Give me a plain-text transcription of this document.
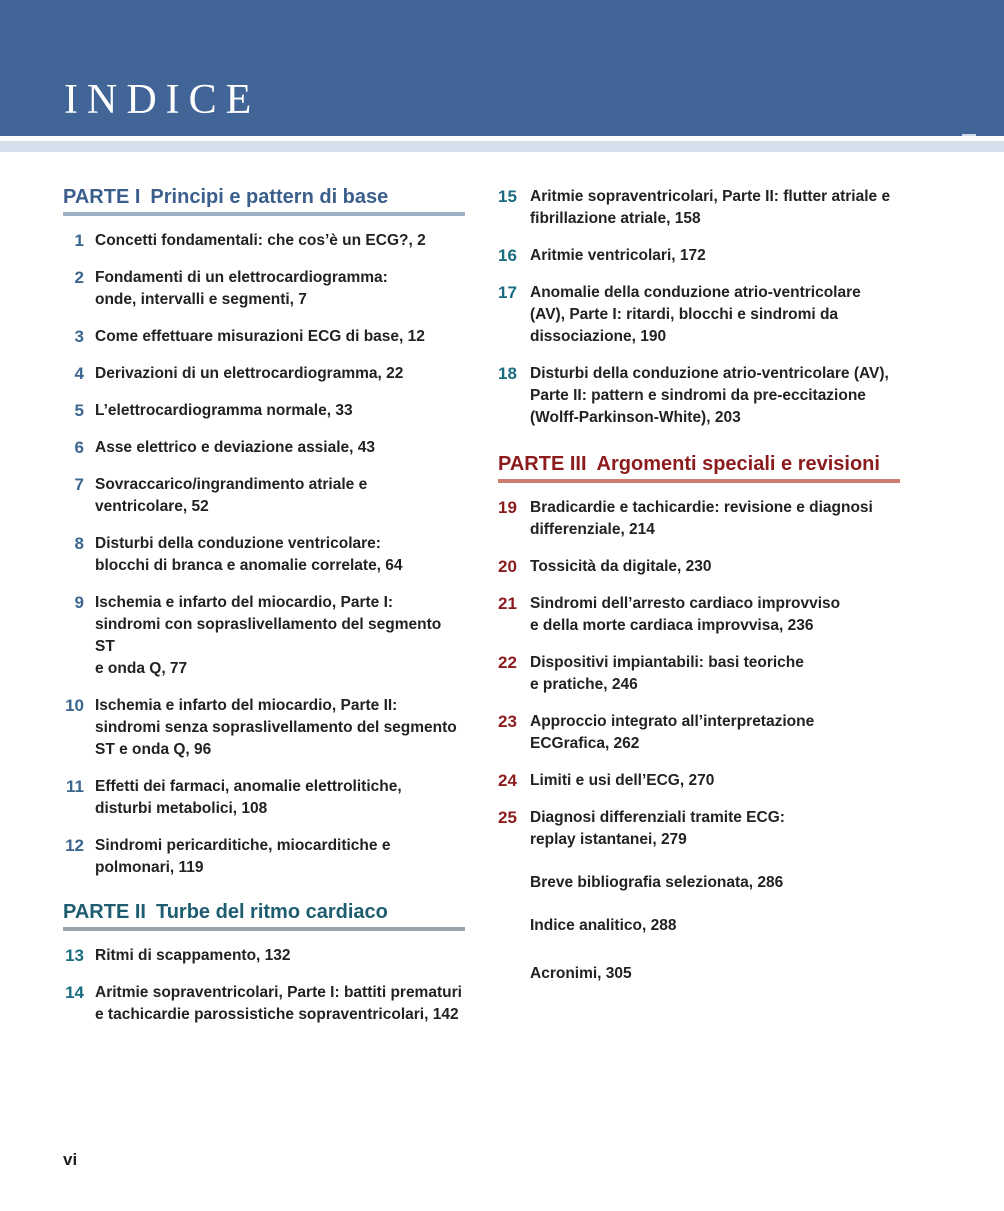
INDICE
PARTE I Principi e pattern di base
1 Concetti fondamentali: che cos’è un ECG?, 2
2 Fondamenti di un elettrocardiogramma:
onde, intervalli e segmenti, 7
3 Come effettuare misurazioni ECG di base, 12
4 Derivazioni di un elettrocardiogramma, 22
5 L’elettrocardiogramma normale, 33
6 Asse elettrico e deviazione assiale, 43
7 Sovraccarico/ingrandimento atriale e
ventricolare, 52
8 Disturbi della conduzione ventricolare:
blocchi di branca e anomalie correlate, 64
9 Ischemia e infarto del miocardio, Parte I:
sindromi con sopraslivellamento del segmento ST
e onda Q, 77
10 Ischemia e infarto del miocardio, Parte II:
sindromi senza sopraslivellamento del segmento
ST e onda Q, 96
11 Effetti dei farmaci, anomalie elettrolitiche,
disturbi metabolici, 108
12 Sindromi pericarditiche, miocarditiche e
polmonari, 119
PARTE II Turbe del ritmo cardiaco
13 Ritmi di scappamento, 132
14 Aritmie sopraventricolari, Parte I: battiti prematuri
e tachicardie parossistiche sopraventricolari, 142
15 Aritmie sopraventricolari, Parte II: flutter atriale e
fibrillazione atriale, 158
16 Aritmie ventricolari, 172
17 Anomalie della conduzione atrio-ventricolare
(AV), Parte I: ritardi, blocchi e sindromi da
dissociazione, 190
18 Disturbi della conduzione atrio-ventricolare (AV),
Parte II: pattern e sindromi da pre-eccitazione
(Wolff-Parkinson-White), 203
PARTE III Argomenti speciali e revisioni
19 Bradicardie e tachicardie: revisione e diagnosi
differenziale, 214
20 Tossicità da digitale, 230
21 Sindromi dell’arresto cardiaco improvviso
e della morte cardiaca improvvisa, 236
22 Dispositivi impiantabili: basi teoriche
e pratiche, 246
23 Approccio integrato all’interpretazione
ECGrafica, 262
24 Limiti e usi dell’ECG, 270
25 Diagnosi differenziali tramite ECG:
replay istantanei, 279
Breve bibliografia selezionata, 286
Indice analitico, 288
Acronimi, 305
vi
